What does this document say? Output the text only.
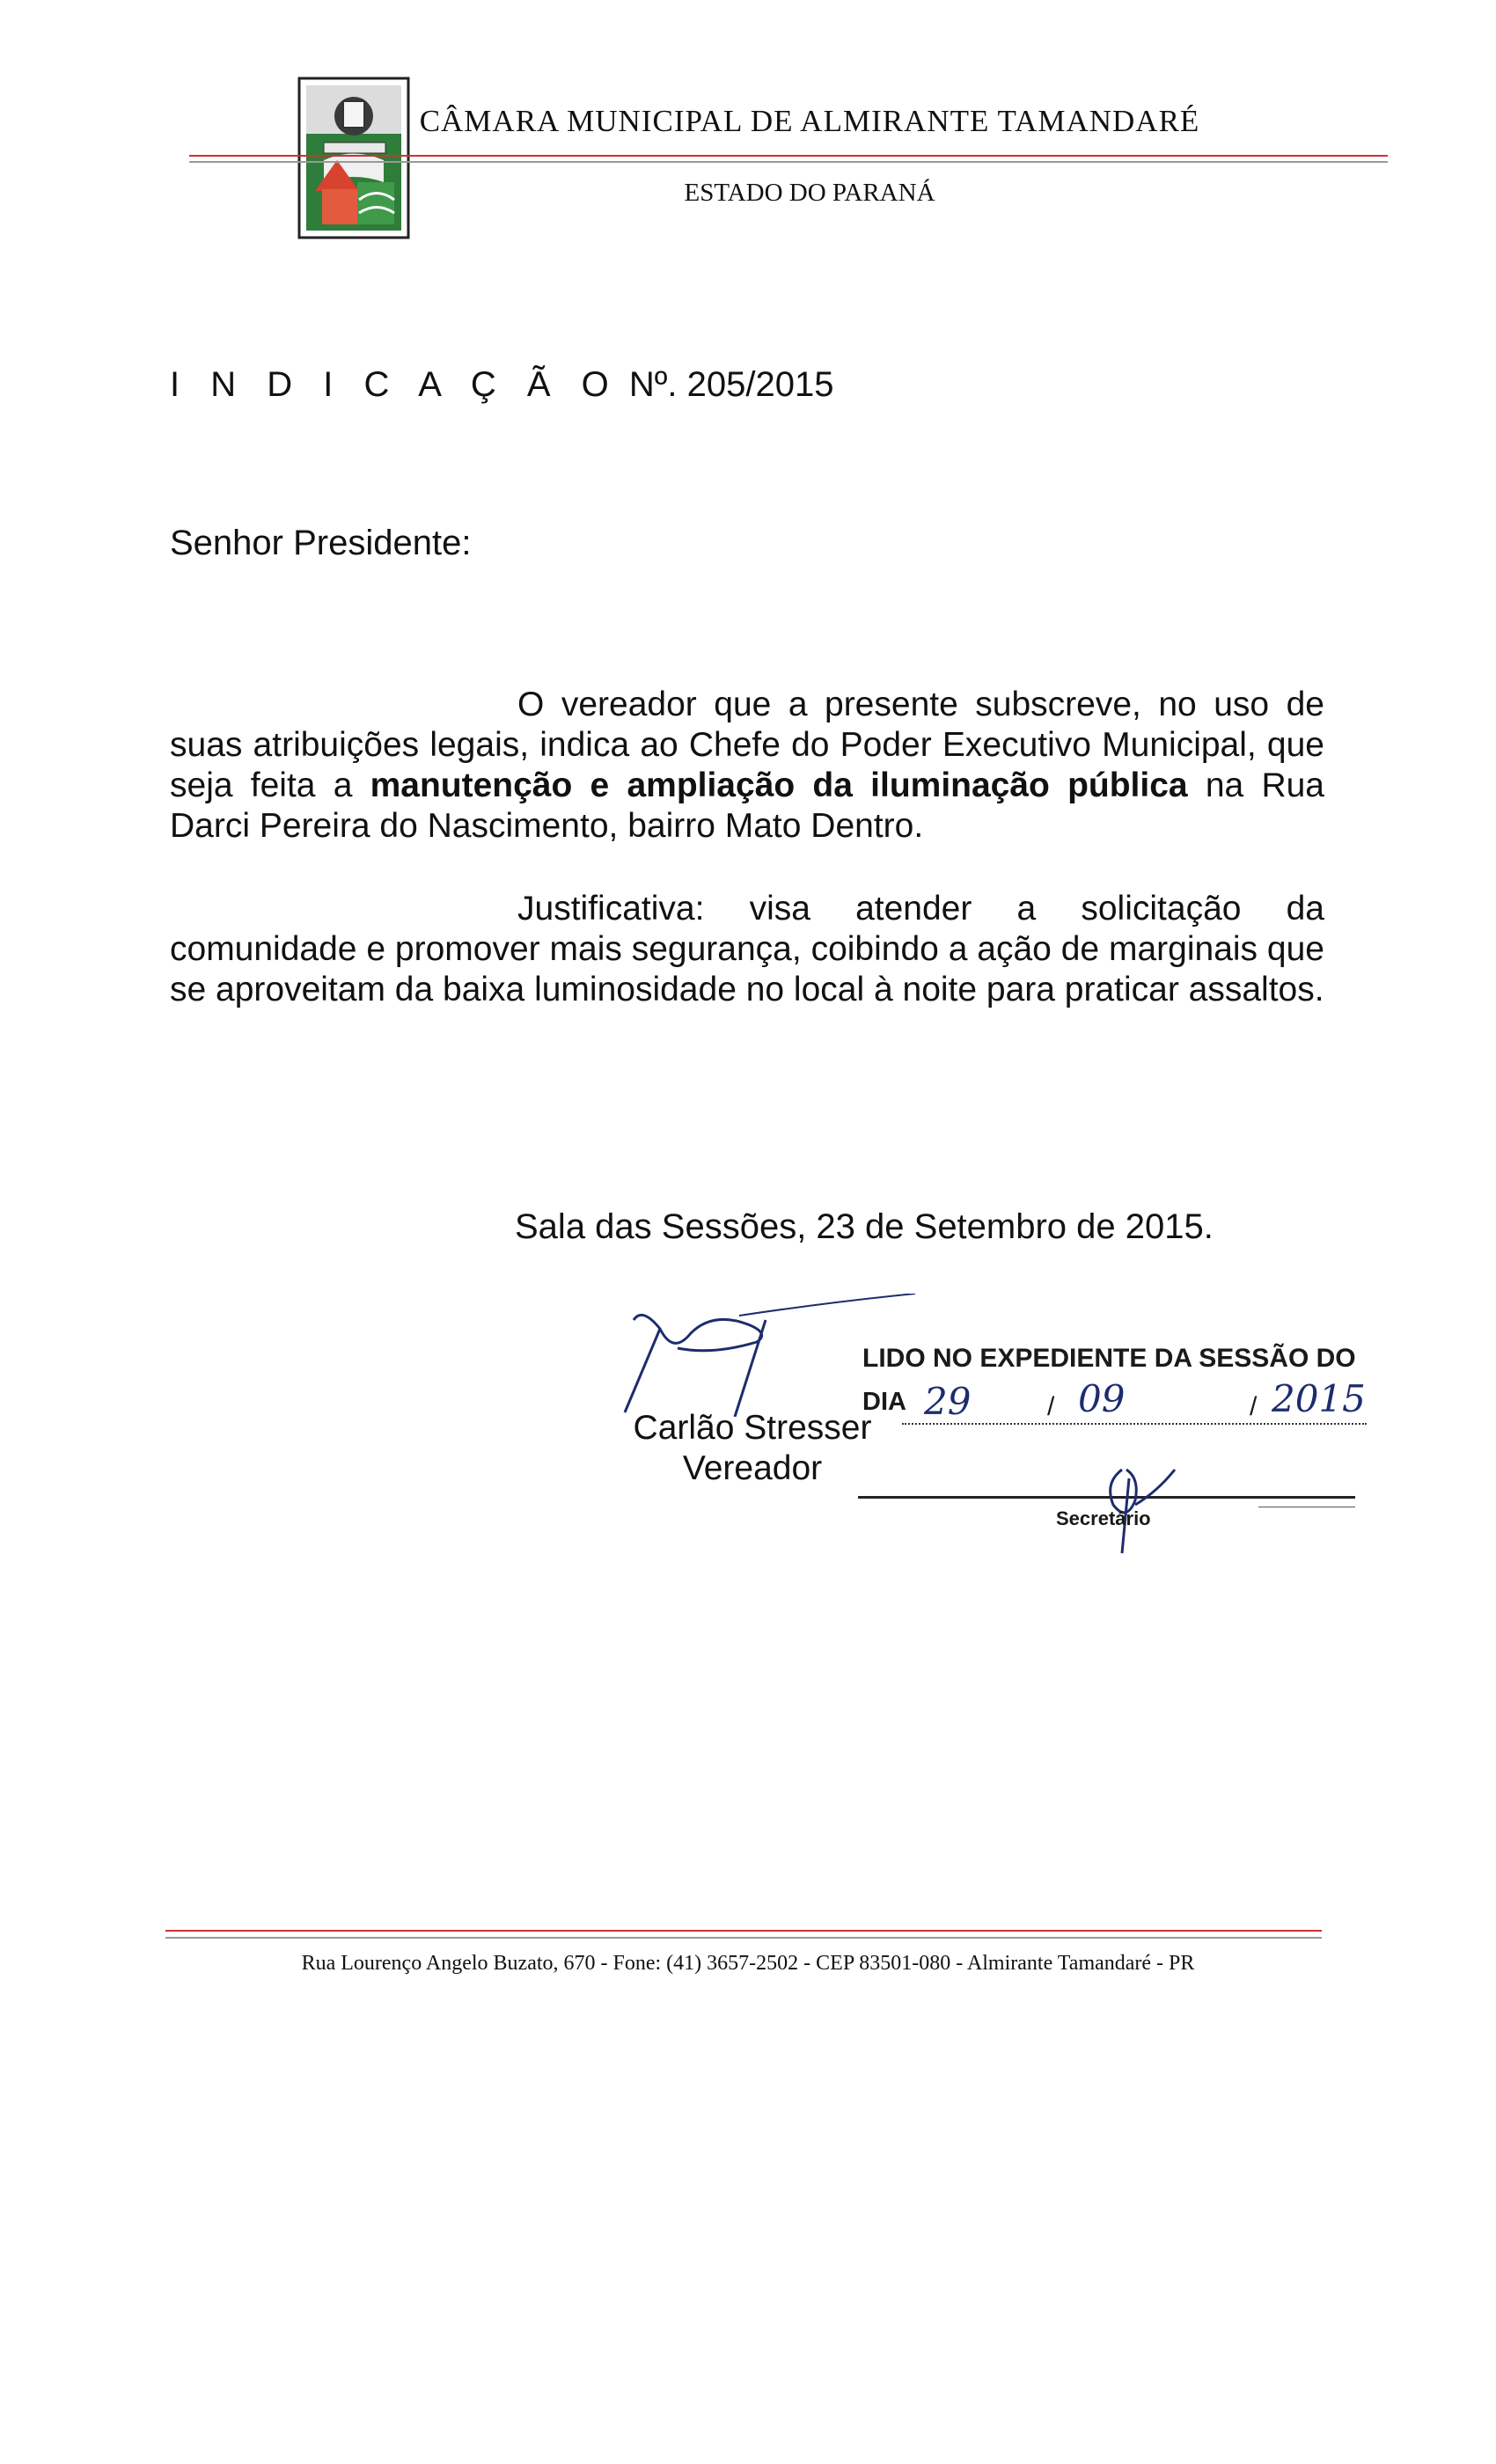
CÂMARA MUNICIPAL DE ALMIRANTE TAMANDARÉ
ESTADO DO PARANÁ
I N D I C A Ç Ã O Nº. 205/2015
Senhor Presidente:
O vereador que a presente subscreve, no uso de suas atribuições legais, indica ao Chefe do Poder Executivo Municipal, que seja feita a manutenção e ampliação da iluminação pública na Rua Darci Pereira do Nascimento, bairro Mato Dentro.
Justificativa: visa atender a solicitação da comunidade e promover mais segurança, coibindo a ação de marginais que se aproveitam da baixa luminosidade no local à noite para praticar assaltos.
Sala das Sessões, 23 de Setembro de 2015.
Carlão Stresser
Vereador
LIDO NO EXPEDIENTE DA SESSÃO DO
DIA 29	/ 09	/ 2015
Secretário
Rua Lourenço Angelo Buzato, 670 - Fone: (41) 3657-2502 - CEP 83501-080 - Almirante Tamandaré - PR
